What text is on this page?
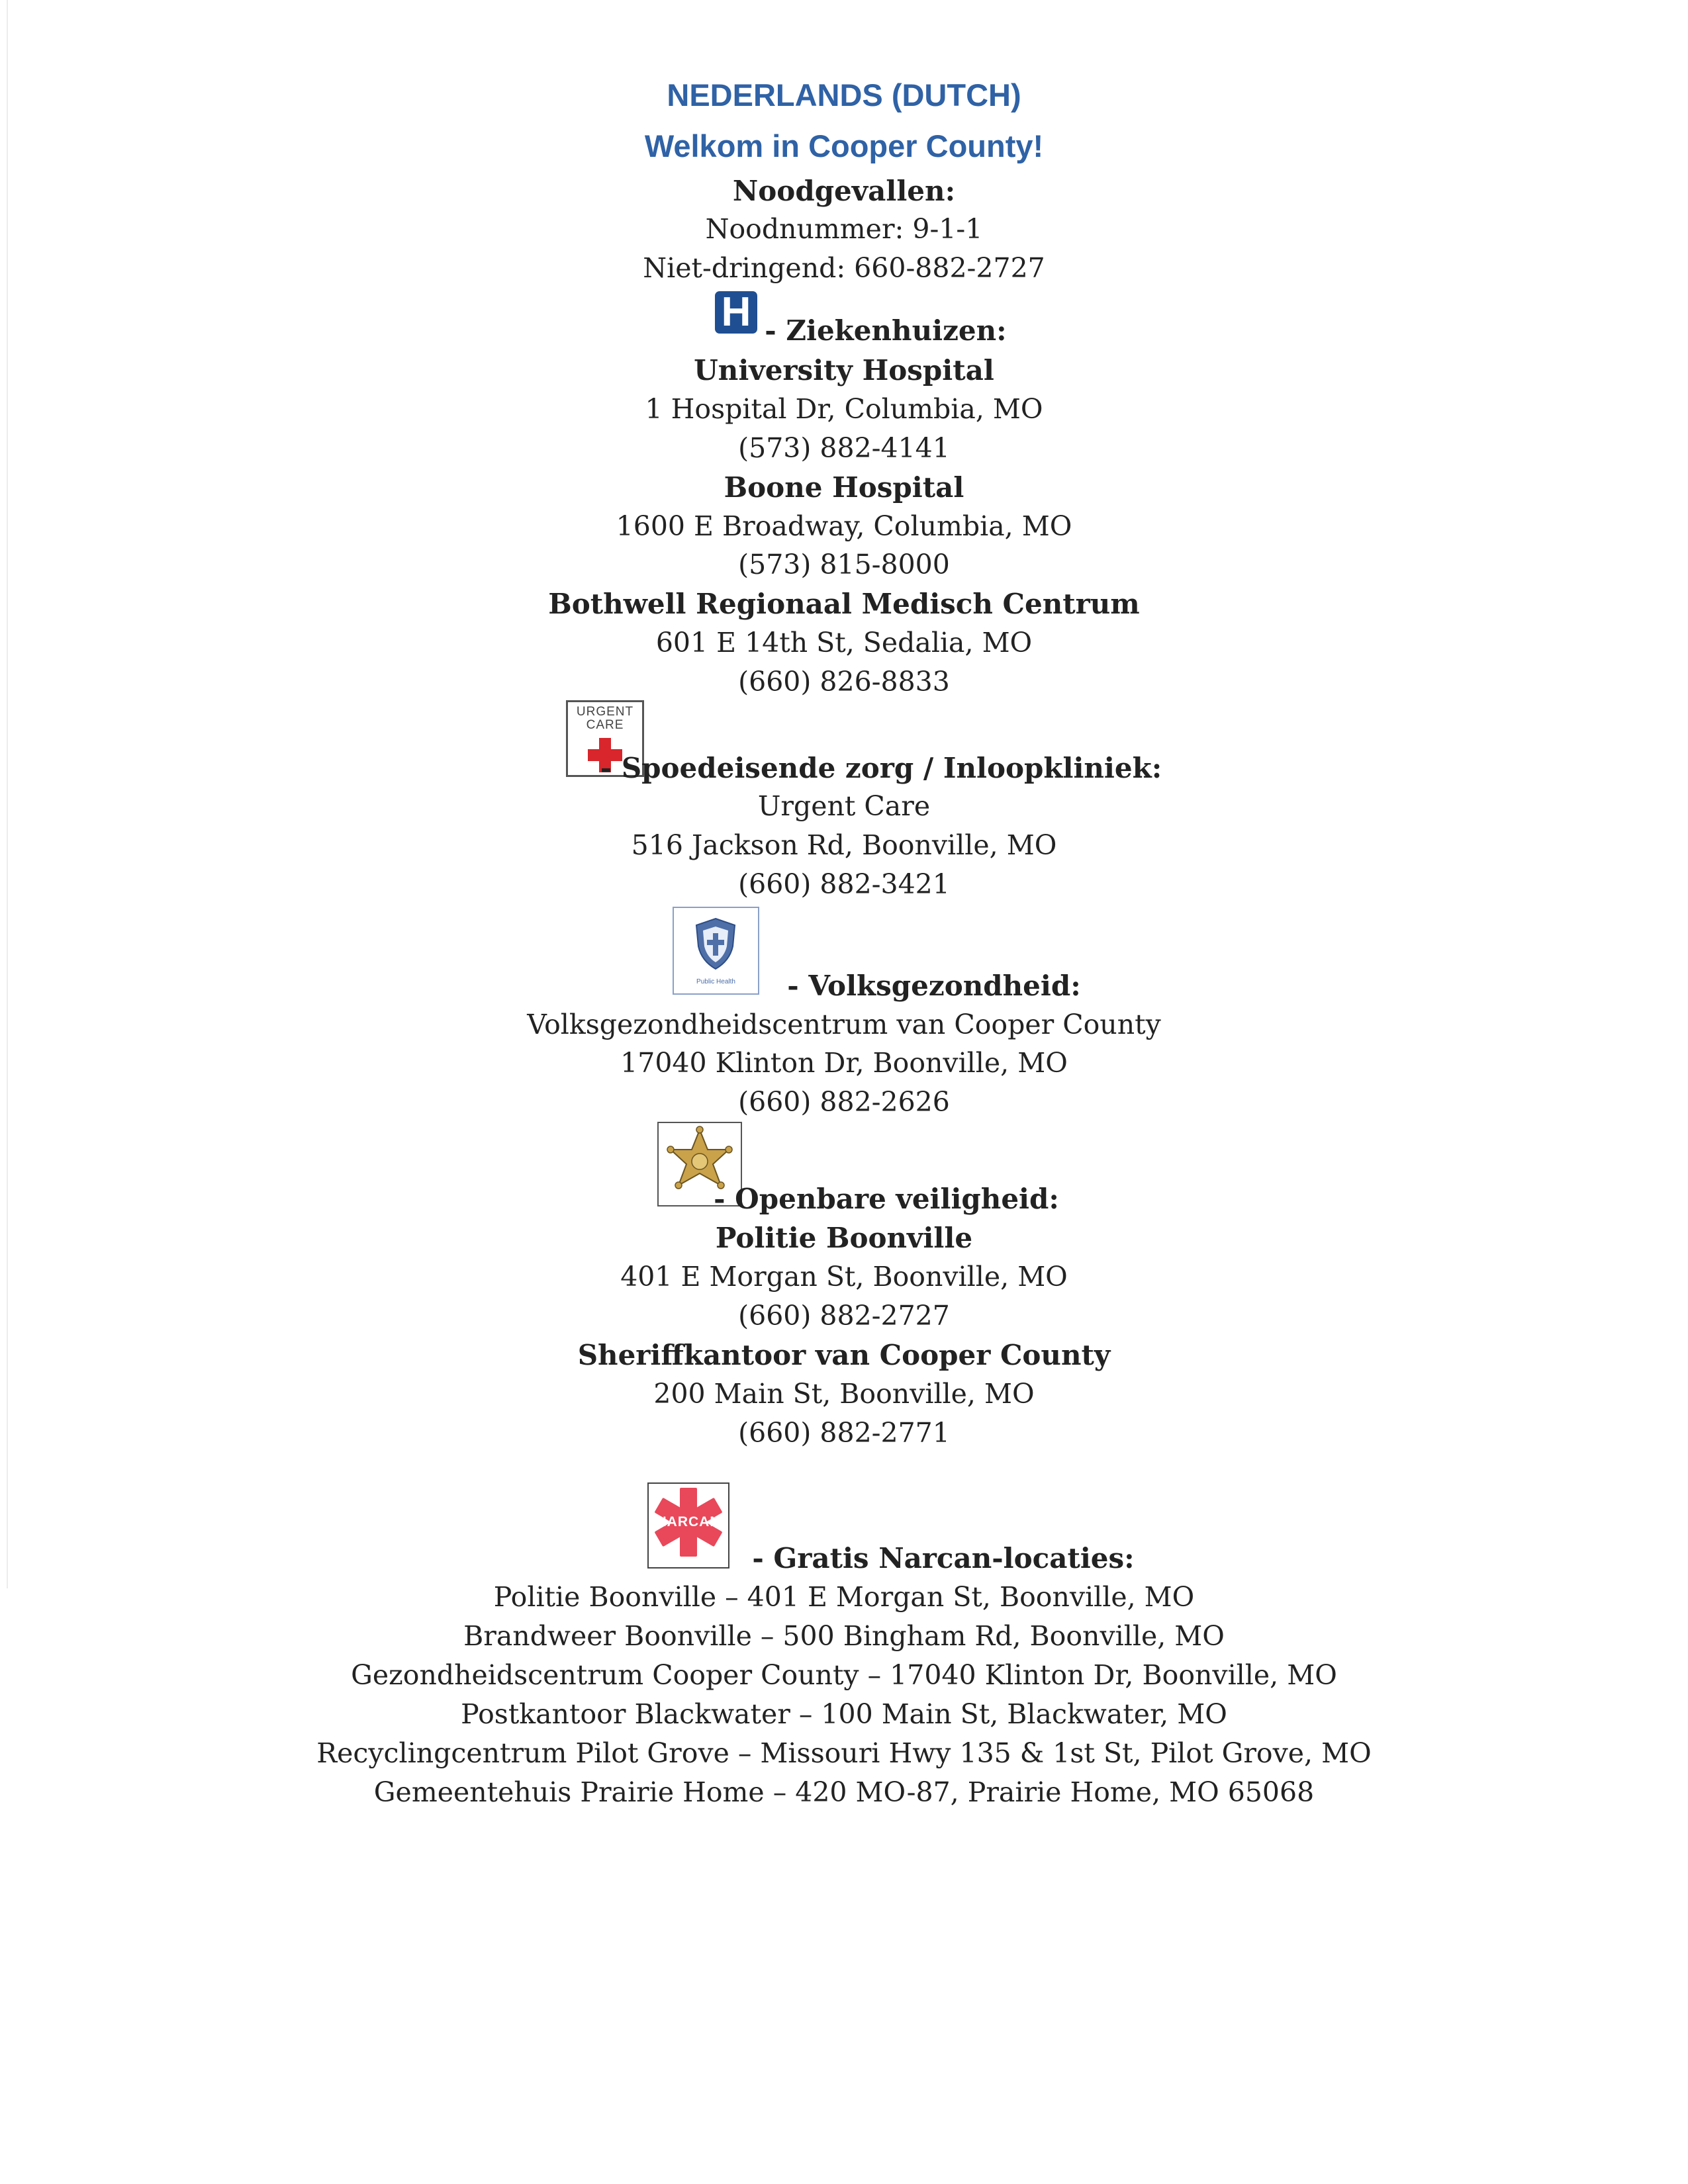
NEDERLANDS (DUTCH)
Welkom in Cooper County!
Noodgevallen:
Noodnummer: 9-1-1
Niet-dringend: 660-882-2727
H - Ziekenhuizen:
University Hospital
1 Hospital Dr, Columbia, MO
(573) 882-4141
Boone Hospital
1600 E Broadway, Columbia, MO
(573) 815-8000
Bothwell Regionaal Medisch Centrum
601 E 14th St, Sedalia, MO
(660) 826-8833
URGENT
CARE
- Spoedeisende zorg / Inloopkliniek:
Urgent Care
516 Jackson Rd, Boonville, MO
(660) 882-3421
Public Health	- Volksgezondheid:
Volksgezondheidscentrum van Cooper County
17040 Klinton Dr, Boonville, MO
(660) 882-2626
- Openbare veiligheid:
Politie Boonville
401 E Morgan St, Boonville, MO
(660) 882-2727
Sheriffkantoor van Cooper County
200 Main St, Boonville, MO
(660) 882-2771
NARCAN
- Gratis Narcan-locaties:
Politie Boonville – 401 E Morgan St, Boonville, MO
Brandweer Boonville – 500 Bingham Rd, Boonville, MO
Gezondheidscentrum Cooper County – 17040 Klinton Dr, Boonville, MO
Postkantoor Blackwater – 100 Main St, Blackwater, MO
Recyclingcentrum Pilot Grove – Missouri Hwy 135 & 1st St, Pilot Grove, MO
Gemeentehuis Prairie Home – 420 MO-87, Prairie Home, MO 65068
